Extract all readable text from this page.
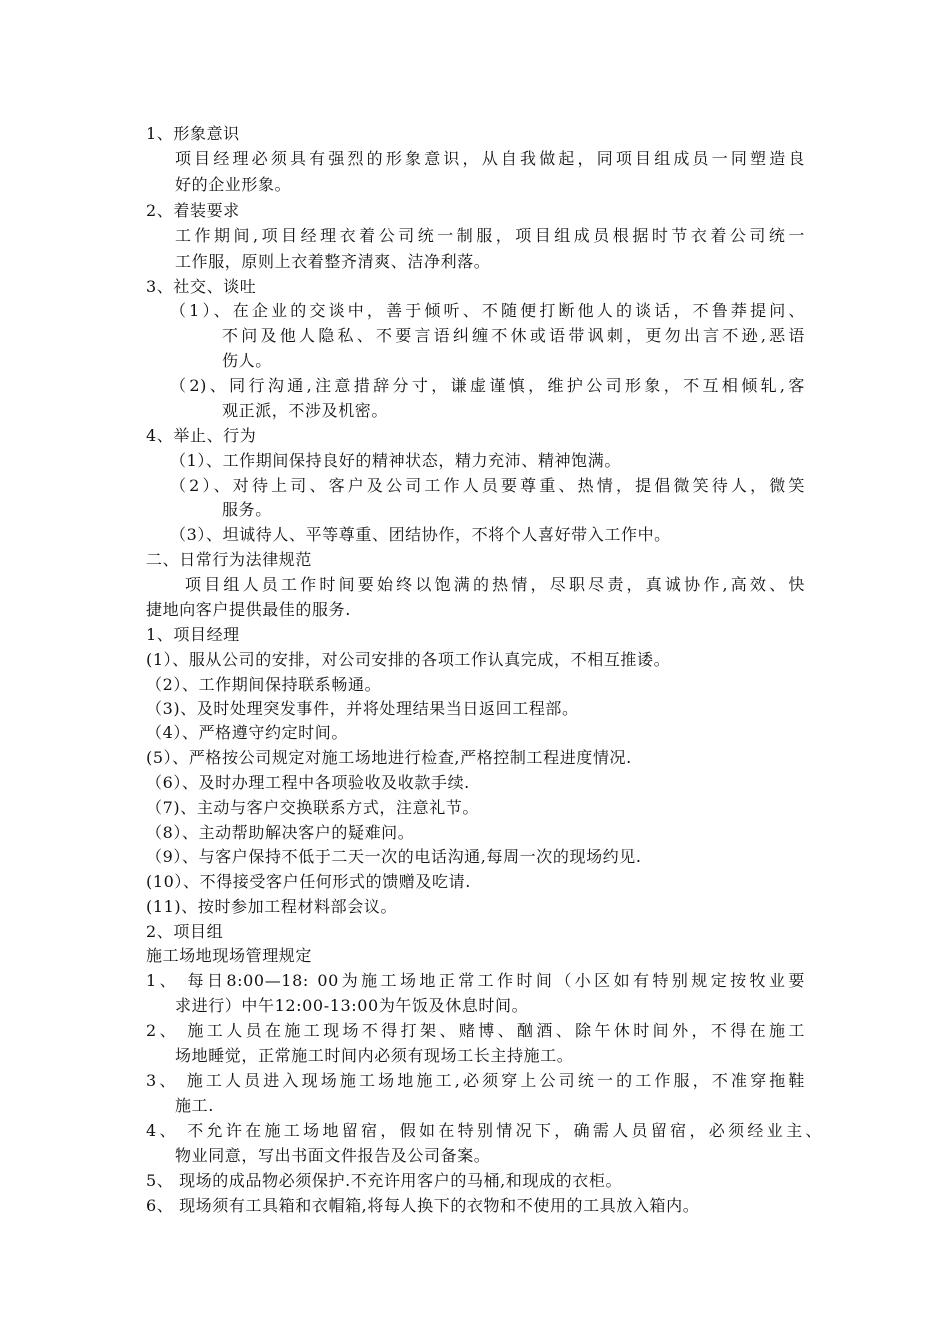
1、形象意识
项目经理必须具有强烈的形象意识，从自我做起，同项目组成员一同塑造良
好的企业形象。
2、着装要求
工作期间,项目经理衣着公司统一制服，项目组成员根据时节衣着公司统一
工作服，原则上衣着整齐清爽、洁净利落。
3、社交、谈吐
（1）、在企业的交谈中，善于倾听、不随便打断他人的谈话，不鲁莽提问、
不问及他人隐私、不要言语纠缠不休或语带讽刺，更勿出言不逊,恶语
伤人。
（2)、同行沟通,注意措辞分寸，谦虚谨慎，维护公司形象，不互相倾轧,客
观正派，不涉及机密。
4、举止、行为
（1）、工作期间保持良好的精神状态，精力充沛、精神饱满。
（2）、对待上司、客户及公司工作人员要尊重、热情，提倡微笑待人，微笑
服务。
（3）、坦诚待人、平等尊重、团结协作，不将个人喜好带入工作中。
二、日常行为法律规范
项目组人员工作时间要始终以饱满的热情，尽职尽责，真诚协作,高效、快
捷地向客户提供最佳的服务.
1、项目经理
(1）、服从公司的安排，对公司安排的各项工作认真完成，不相互推诿。
（2）、工作期间保持联系畅通。
（3)、及时处理突发事件，并将处理结果当日返回工程部。
（4）、严格遵守约定时间。
(5）、严格按公司规定对施工场地进行检查,严格控制工程进度情况.
（6）、及时办理工程中各项验收及收款手续.
（7)、主动与客户交换联系方式，注意礼节。
（8）、主动帮助解决客户的疑难问。
（9）、与客户保持不低于二天一次的电话沟通,每周一次的现场约见.
(10）、不得接受客户任何形式的馈赠及吃请.
(11)、按时参加工程材料部会议。
2、项目组
施工场地现场管理规定
1、 每日8:00—18: 00为施工场地正常工作时间（小区如有特别规定按牧业要
求进行）中午12:00-13:00为午饭及休息时间。
2、 施工人员在施工现场不得打架、赌博、酗酒、除午休时间外，不得在施工
场地睡觉，正常施工时间内必须有现场工长主持施工。
3、 施工人员进入现场施工场地施工,必须穿上公司统一的工作服，不准穿拖鞋
施工.
4、 不允许在施工场地留宿，假如在特别情况下，确需人员留宿，必须经业主、
物业同意，写出书面文件报告及公司备案。
5、 现场的成品物必须保护.不充许用客户的马桶,和现成的衣柜。
6、 现场须有工具箱和衣帽箱,将每人换下的衣物和不使用的工具放入箱内。
